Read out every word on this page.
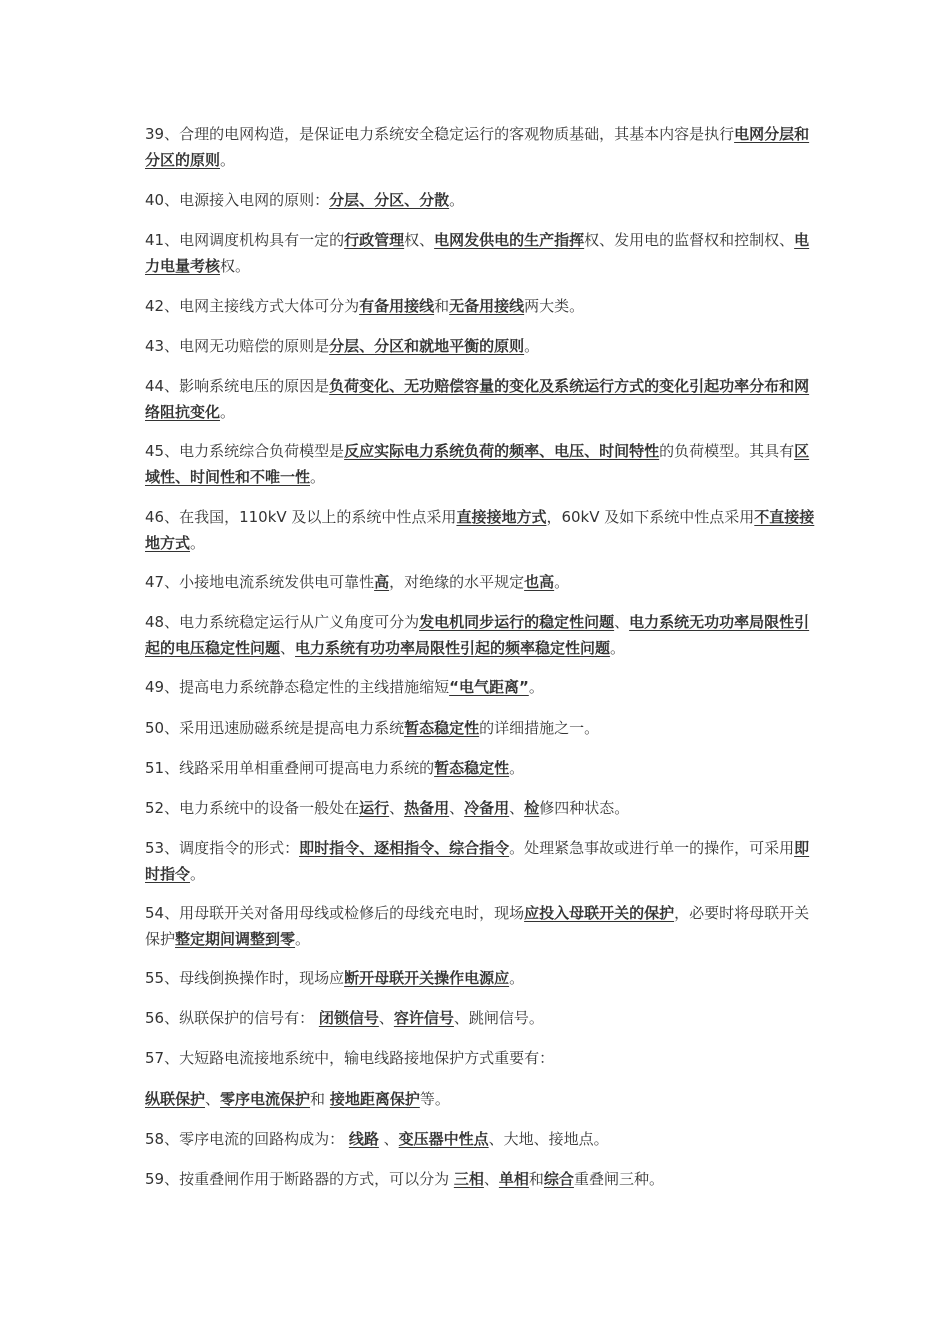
39、合理的电网构造，是保证电力系统安全稳定运行的客观物质基础，其基本内容是执行电网分层和分区的原则。

40、电源接入电网的原则：分层、分区、分散。

41、电网调度机构具有一定的行政管理权、电网发供电的生产指挥权、发用电的监督权和控制权、电力电量考核权。

42、电网主接线方式大体可分为有备用接线和无备用接线两大类。

43、电网无功赔偿的原则是分层、分区和就地平衡的原则。

44、影响系统电压的原因是负荷变化、无功赔偿容量的变化及系统运行方式的变化引起功率分布和网络阻抗变化。

45、电力系统综合负荷模型是反应实际电力系统负荷的频率、电压、时间特性的负荷模型。其具有区域性、时间性和不唯一性。

46、在我国，110kV 及以上的系统中性点采用直接接地方式，60kV 及如下系统中性点采用不直接接地方式。

47、小接地电流系统发供电可靠性高，对绝缘的水平规定也高。

48、电力系统稳定运行从广义角度可分为发电机同步运行的稳定性问题、电力系统无功功率局限性引起的电压稳定性问题、电力系统有功功率局限性引起的频率稳定性问题。

49、提高电力系统静态稳定性的主线措施缩短“电气距离”。

50、采用迅速励磁系统是提高电力系统暂态稳定性的详细措施之一。

51、线路采用单相重叠闸可提高电力系统的暂态稳定性。

52、电力系统中的设备一般处在运行、热备用、冷备用、检修四种状态。

53、调度指令的形式：即时指令、逐相指令、综合指令。处理紧急事故或进行单一的操作，可采用即时指令。

54、用母联开关对备用母线或检修后的母线充电时，现场应投入母联开关的保护，必要时将母联开关保护整定期间调整到零。

55、母线倒换操作时，现场应断开母联开关操作电源应。

56、纵联保护的信号有： 闭锁信号、容许信号、跳闸信号。

57、大短路电流接地系统中，输电线路接地保护方式重要有：

纵联保护、零序电流保护和 接地距离保护等。

58、零序电流的回路构成为： 线路 、变压器中性点、大地、接地点。

59、按重叠闸作用于断路器的方式，可以分为 三相、单相和综合重叠闸三种。
